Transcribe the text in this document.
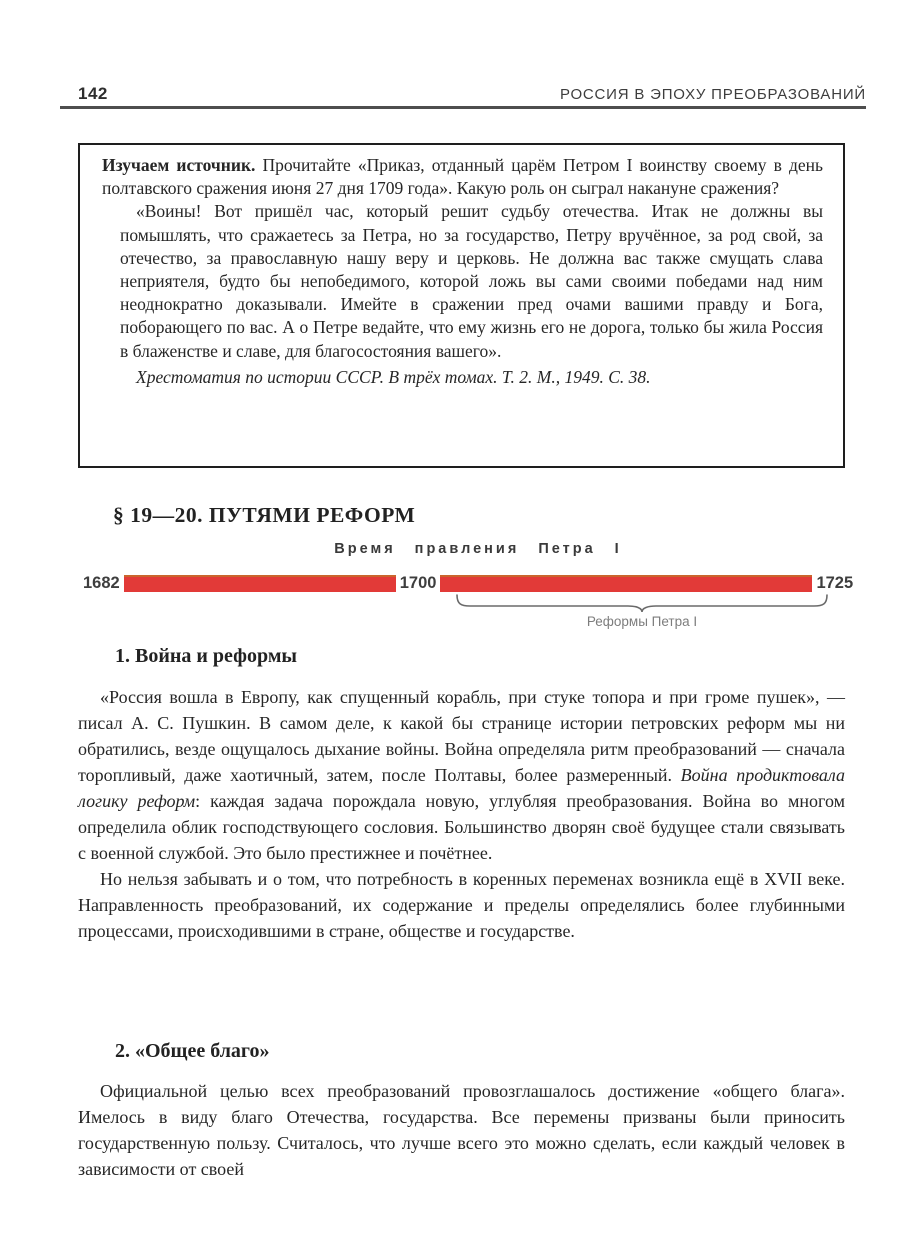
142	РОССИЯ В ЭПОХУ ПРЕОБРАЗОВАНИЙ

Изучаем источник. Прочитайте «Приказ, отданный царём Петром I воинству своему в день полтавского сражения июня 27 дня 1709 года». Какую роль он сыграл накануне сражения?

«Воины! Вот пришёл час, который решит судьбу отечества. Итак не должны вы помышлять, что сражаетесь за Петра, но за государство, Петру вручённое, за род свой, за отечество, за православную нашу веру и церковь. Не должна вас также смущать слава неприятеля, будто бы непобедимого, которой ложь вы сами своими победами над ним неоднократно доказывали. Имейте в сражении пред очами вашими правду и Бога, поборающего по вас. А о Петре ведайте, что ему жизнь его не дорога, только бы жила Россия в блаженстве и славе, для благосостояния вашего».

Хрестоматия по истории СССР. В трёх томах. Т. 2. М., 1949. С. 38.

§ 19—20. ПУТЯМИ РЕФОРМ
Время правления Петра I
1682	1700	1725
Реформы Петра I
1. Война и реформы

«Россия вошла в Европу, как спущенный корабль, при стуке топора и при громе пушек», — писал А. С. Пушкин. В самом деле, к какой бы странице истории петровских реформ мы ни обратились, везде ощущалось дыхание войны. Война определяла ритм преобразований — сначала торопливый, даже хаотичный, затем, после Полтавы, более размеренный. Война продиктовала логику реформ: каждая задача порождала новую, углубляя преобразования. Война во многом определила облик господствующего сословия. Большинство дворян своё будущее стали связывать с военной службой. Это было престижнее и почётнее.

Но нельзя забывать и о том, что потребность в коренных переменах возникла ещё в XVII веке. Направленность преобразований, их содержание и пределы определялись более глубинными процессами, происходившими в стране, обществе и государстве.

2. «Общее благо»

Официальной целью всех преобразований провозглашалось достижение «общего блага». Имелось в виду благо Отечества, государства. Все перемены призваны были приносить государственную пользу. Считалось, что лучше всего это можно сделать, если каждый человек в зависимости от своей
